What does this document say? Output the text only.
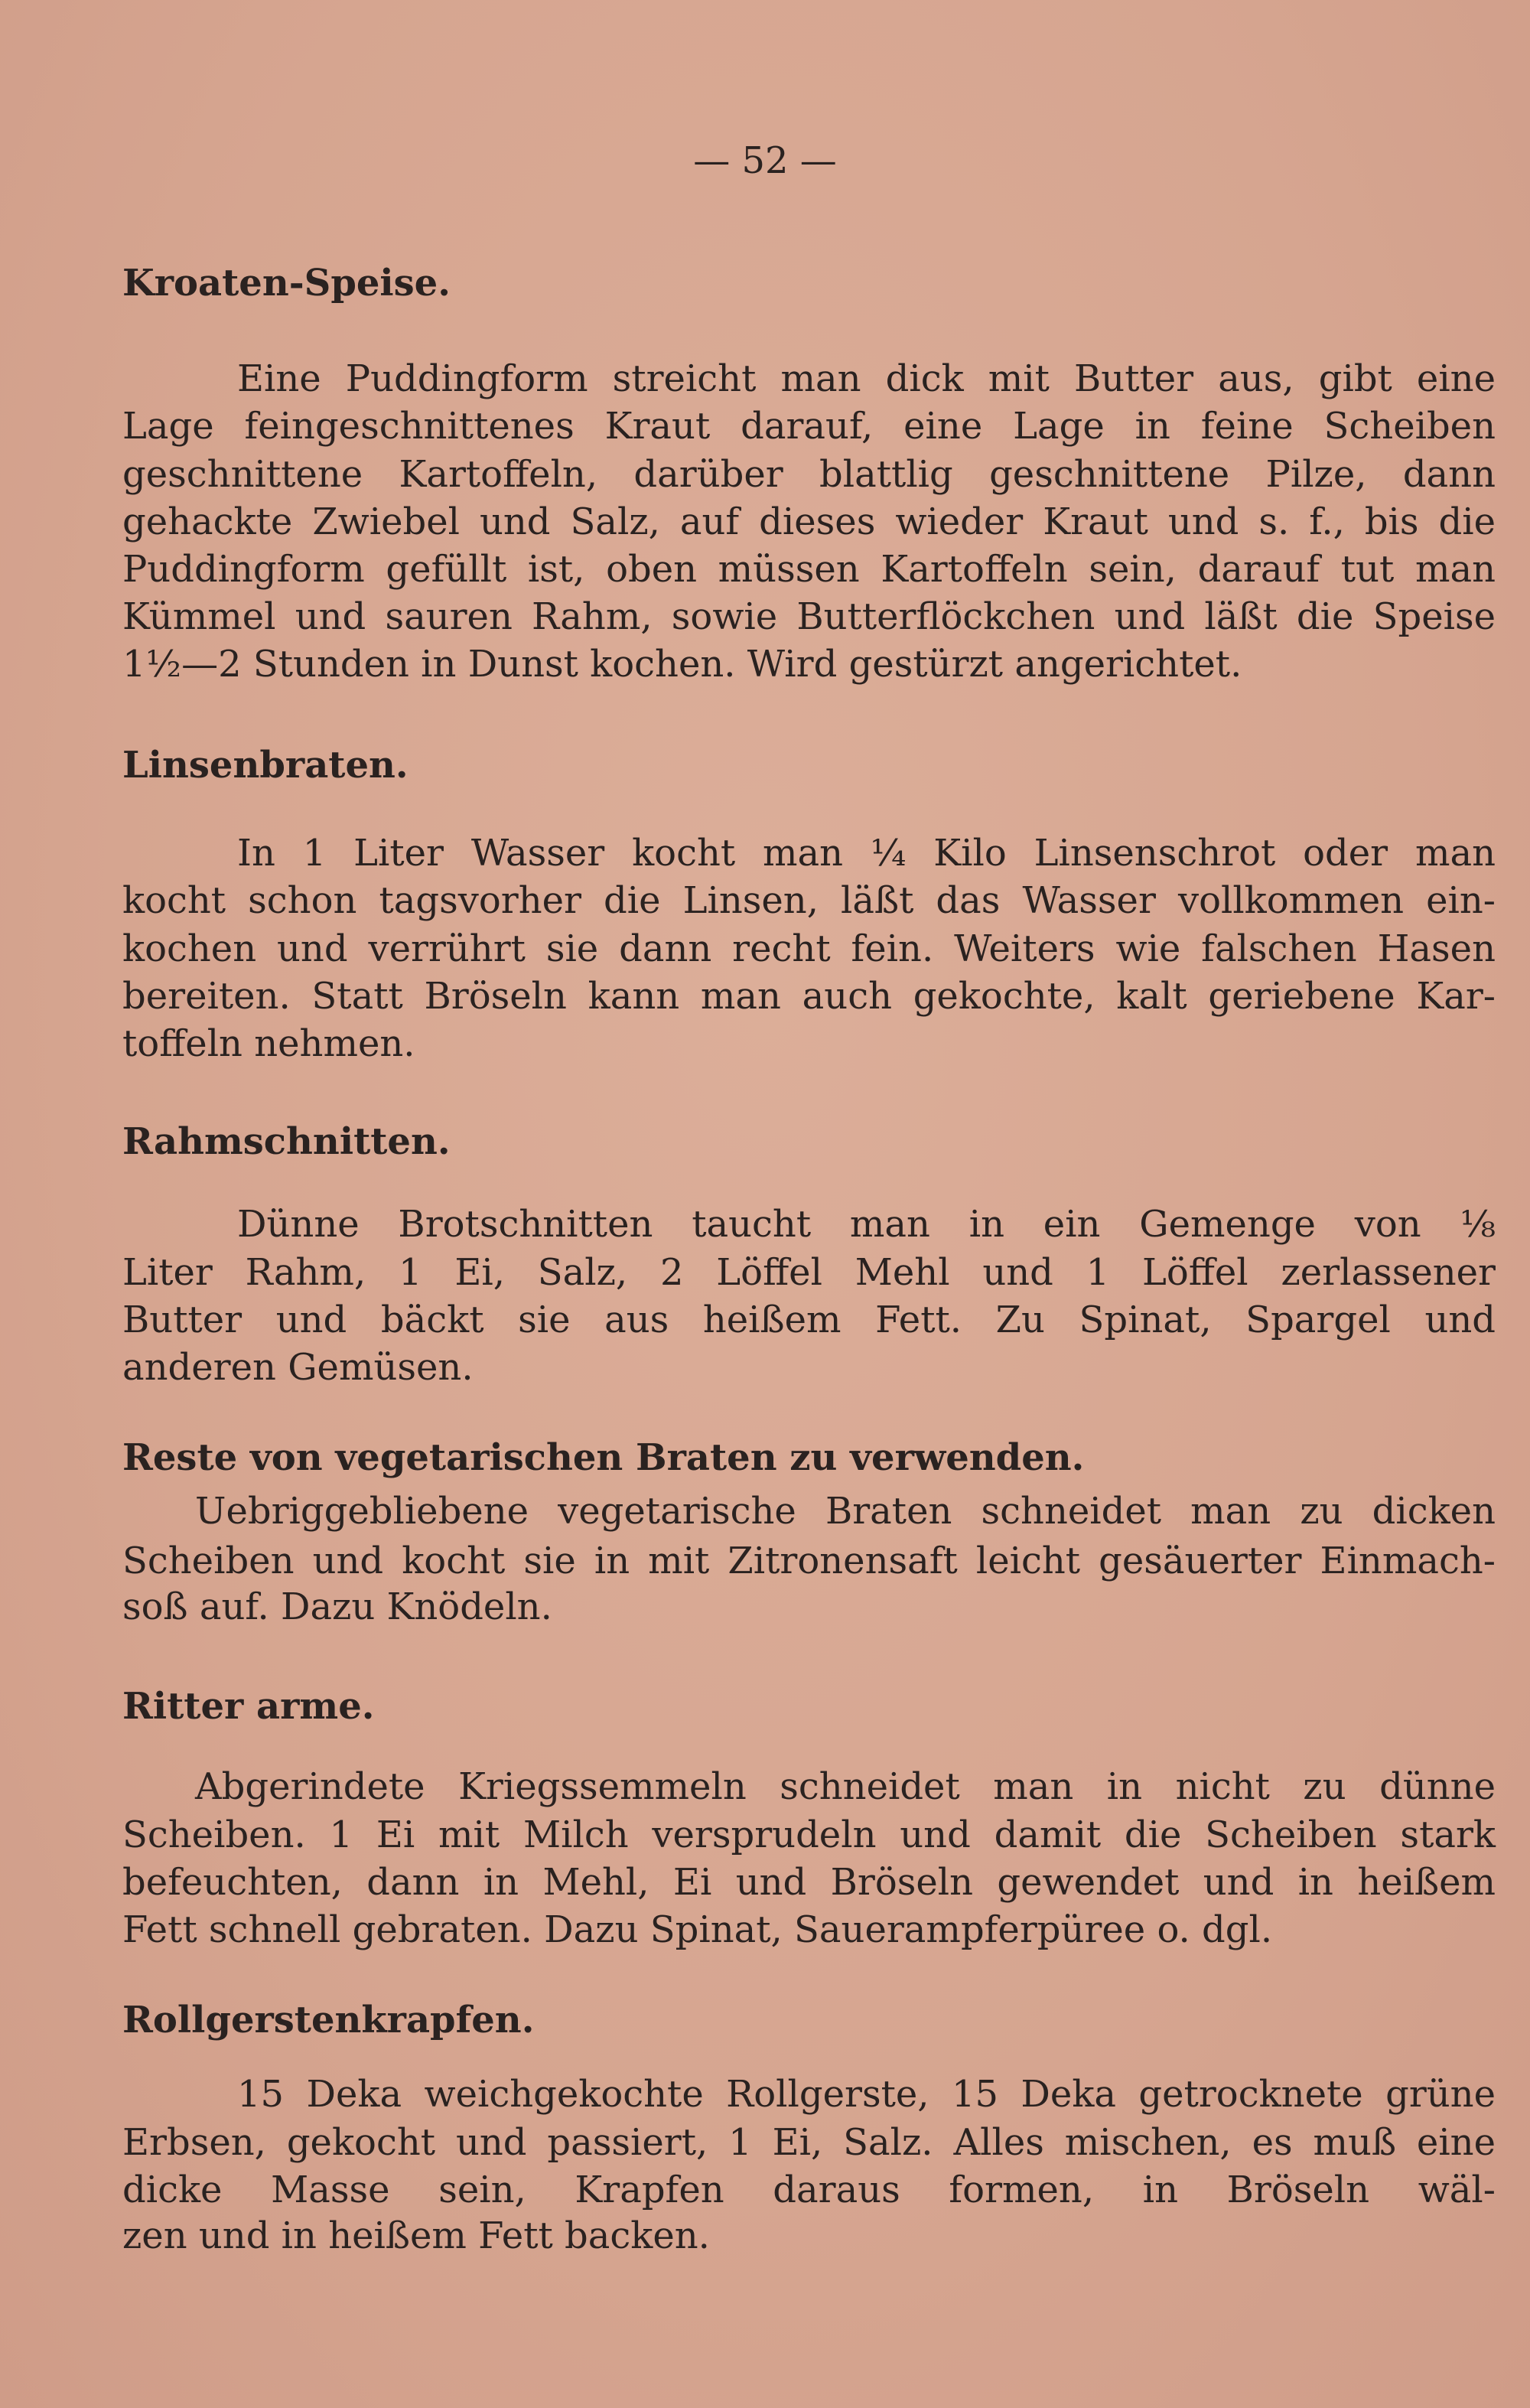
— 52 —
Kroaten-Speise.
Eine Puddingform streicht man dick mit Butter aus, gibt eine
Lage feingeschnittenes Kraut darauf, eine Lage in feine Scheiben
geschnittene Kartoffeln, darüber blattlig geschnittene Pilze, dann
gehackte Zwiebel und Salz, auf dieses wieder Kraut und s. f., bis die
Puddingform gefüllt ist, oben müssen Kartoffeln sein, darauf tut man
Kümmel und sauren Rahm, sowie Butterflöckchen und läßt die Speise
1½—2 Stunden in Dunst kochen. Wird gestürzt angerichtet.
Linsenbraten.
In 1 Liter Wasser kocht man ¼ Kilo Linsenschrot oder man
kocht schon tagsvorher die Linsen, läßt das Wasser vollkommen ein-
kochen und verrührt sie dann recht fein. Weiters wie falschen Hasen
bereiten. Statt Bröseln kann man auch gekochte, kalt geriebene Kar-
toffeln nehmen.
Rahmschnitten.
Dünne Brotschnitten taucht man in ein Gemenge von ⅛
Liter Rahm, 1 Ei, Salz, 2 Löffel Mehl und 1 Löffel zerlassener
Butter und bäckt sie aus heißem Fett. Zu Spinat, Spargel und
anderen Gemüsen.
Reste von vegetarischen Braten zu verwenden.
Uebriggebliebene vegetarische Braten schneidet man zu dicken
Scheiben und kocht sie in mit Zitronensaft leicht gesäuerter Einmach-
soß auf. Dazu Knödeln.
Ritter arme.
Abgerindete Kriegssemmeln schneidet man in nicht zu dünne
Scheiben. 1 Ei mit Milch versprudeln und damit die Scheiben stark
befeuchten, dann in Mehl, Ei und Bröseln gewendet und in heißem
Fett schnell gebraten. Dazu Spinat, Sauerampferpüree o. dgl.
Rollgerstenkrapfen.
15 Deka weichgekochte Rollgerste, 15 Deka getrocknete grüne
Erbsen, gekocht und passiert, 1 Ei, Salz. Alles mischen, es muß eine
dicke Masse sein, Krapfen daraus formen, in Bröseln wäl-
zen und in heißem Fett backen.
